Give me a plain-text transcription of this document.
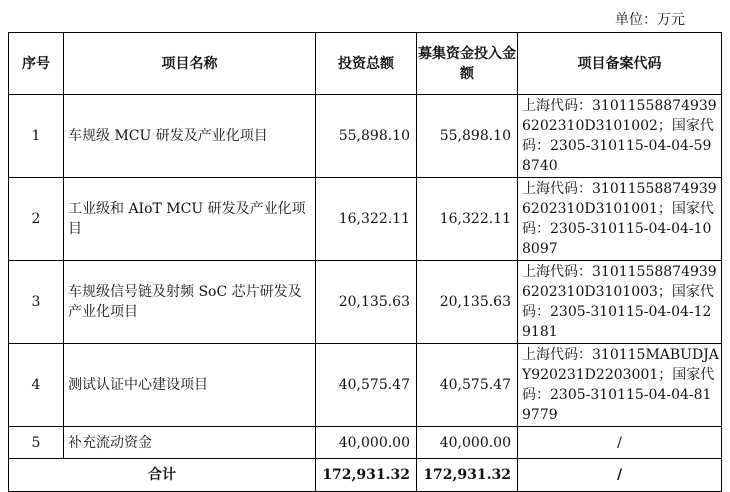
单位：万元
序号	项目名称	投资总额	募集资金投入金额	项目备案代码
1	车规级 MCU 研发及产业化项目	55,898.10	55,898.10	上海代码：310115588749396202310D3101002；国家代码：2305-310115-04-04-598740
2	工业级和 AIoT MCU 研发及产业化项目	16,322.11	16,322.11	上海代码：310115588749396202310D3101001；国家代码：2305-310115-04-04-108097
3	车规级信号链及射频 SoC 芯片研发及产业化项目	20,135.63	20,135.63	上海代码：310115588749396202310D3101003；国家代码：2305-310115-04-04-129181
4	测试认证中心建设项目	40,575.47	40,575.47	上海代码：310115MABUDJAY920231D2203001；国家代码：2305-310115-04-04-819779
5	补充流动资金	40,000.00	40,000.00	/
合计		172,931.32	172,931.32	/
